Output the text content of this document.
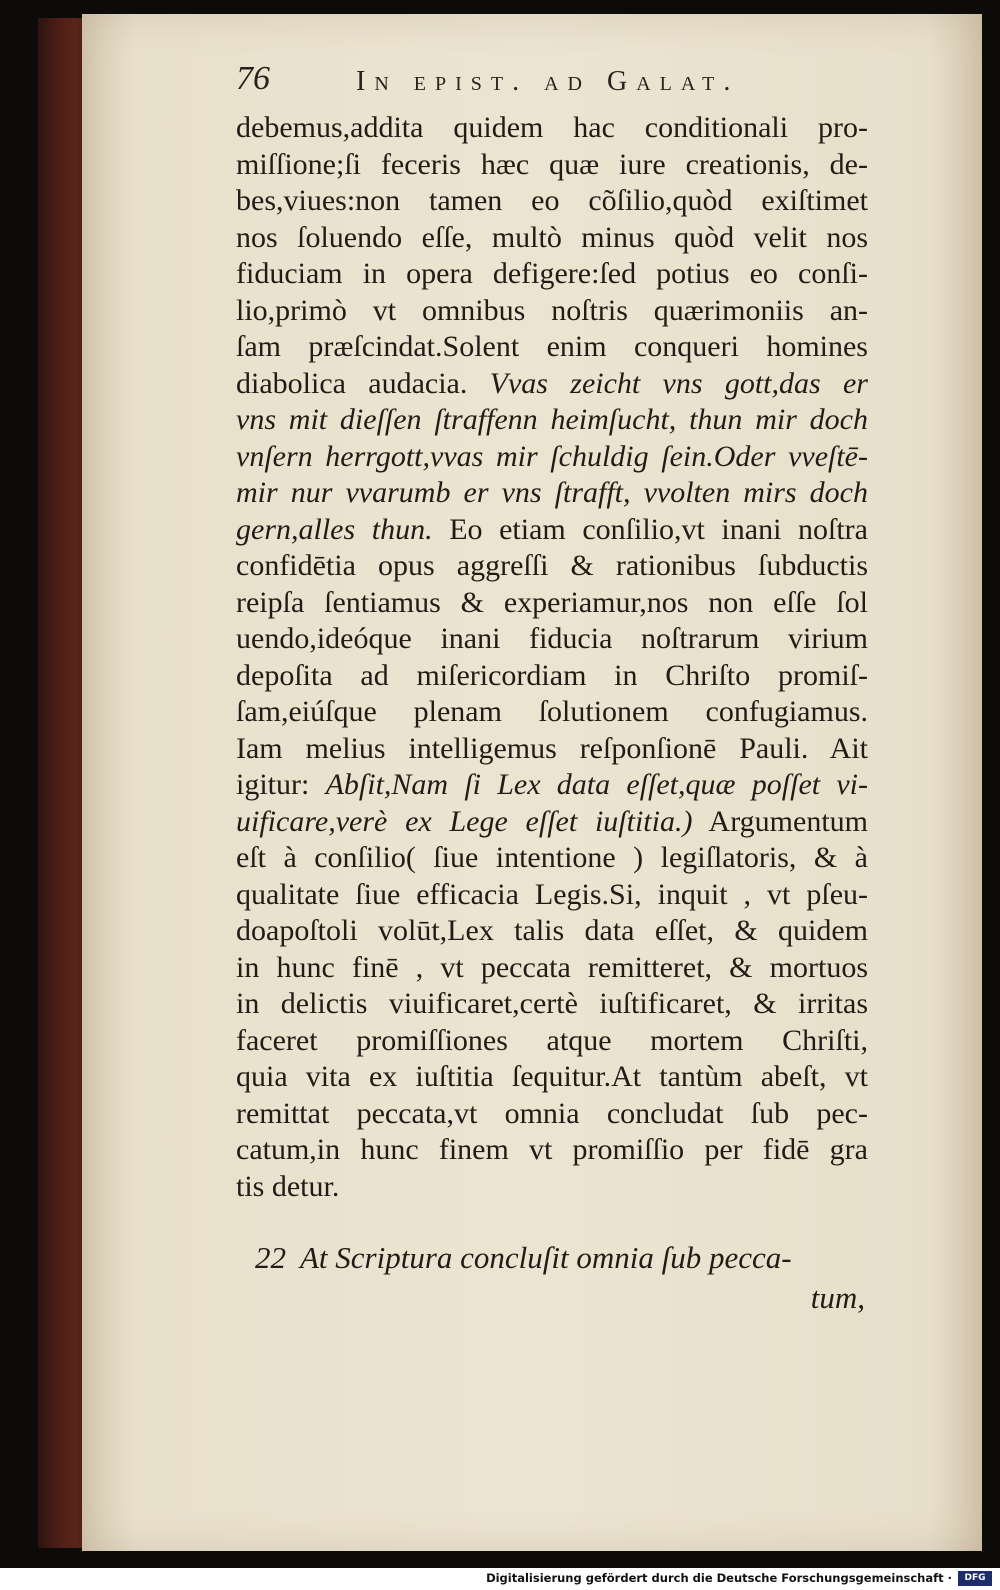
76	In epist. ad Galat.
debemus,addita quidem hac conditionali pro-
miſſione;ſi feceris hæc quæ iure creationis, de-
bes,viues:non tamen eo cõſilio,quòd exiſtimet
nos ſoluendo eſſe, multò minus quòd velit nos
fiduciam in opera defigere:ſed potius eo conſi-
lio,primò vt omnibus noſtris quærimoniis an-
ſam præſcindat.Solent enim conqueri homines
diabolica audacia. Vvas zeicht vns gott,das er
vns mit dieſſen ſtraffenn heimſucht, thun mir doch
vnſern herrgott,vvas mir ſchuldig ſein.Oder vveſtē-
mir nur vvarumb er vns ſtrafft, vvolten mirs doch
gern,alles thun. Eo etiam conſilio,vt inani noſtra
confidētia opus aggreſſi & rationibus ſubductis
reipſa ſentiamus & experiamur,nos non eſſe ſol
uendo,ideóque inani fiducia noſtrarum virium
depoſita ad miſericordiam in Chriſto promiſ-
ſam,eiúſque plenam ſolutionem confugiamus.
Iam melius intelligemus reſponſionē Pauli. Ait
igitur: Abſit,Nam ſi Lex data eſſet,quæ poſſet vi-
uificare,verè ex Lege eſſet iuſtitia.) Argumentum
eſt à conſilio( ſiue intentione ) legiſlatoris, & à
qualitate ſiue efficacia Legis.Si, inquit , vt pſeu-
doapoſtoli volūt,Lex talis data eſſet, & quidem
in hunc finē , vt peccata remitteret, & mortuos
in delictis viuificaret,certè iuſtificaret, & irritas
faceret promiſſiones atque mortem Chriſti,
quia vita ex iuſtitia ſequitur.At tantùm abeſt, vt
remittat peccata,vt omnia concludat ſub pec-
catum,in hunc finem vt promiſſio per fidē gra
tis detur.
22 At Scriptura concluſit omnia ſub pecca-
tum,
Digitalisierung gefördert durch die Deutsche Forschungsgemeinschaft ·	DFG
